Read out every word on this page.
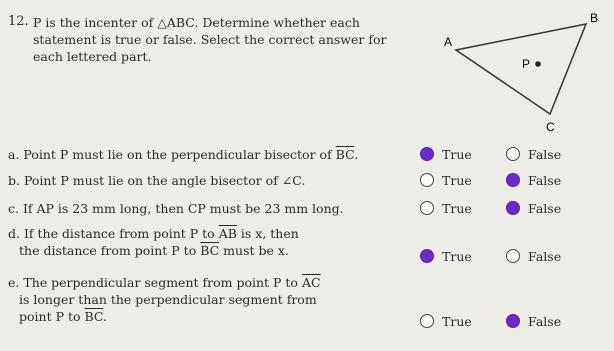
12. P is the incenter of △ABC. Determine whether each
statement is true or false. Select the correct answer for
each lettered part.
A
B
C
P
a. Point P must lie on the perpendicular bisector of $\overline{BC}$.	True	False
b. Point P must lie on the angle bisector of ∠C.	True	False
c. If AP is 23 mm long, then CP must be 23 mm long.	True	False
d. If the distance from point P to $\overline{AB}$ is x, then
the distance from point P to $\overline{BC}$ must be x.	True	False
e. The perpendicular segment from point P to $\overline{AC}$
is longer than the perpendicular segment from
point P to $\overline{BC}$.	True	False
